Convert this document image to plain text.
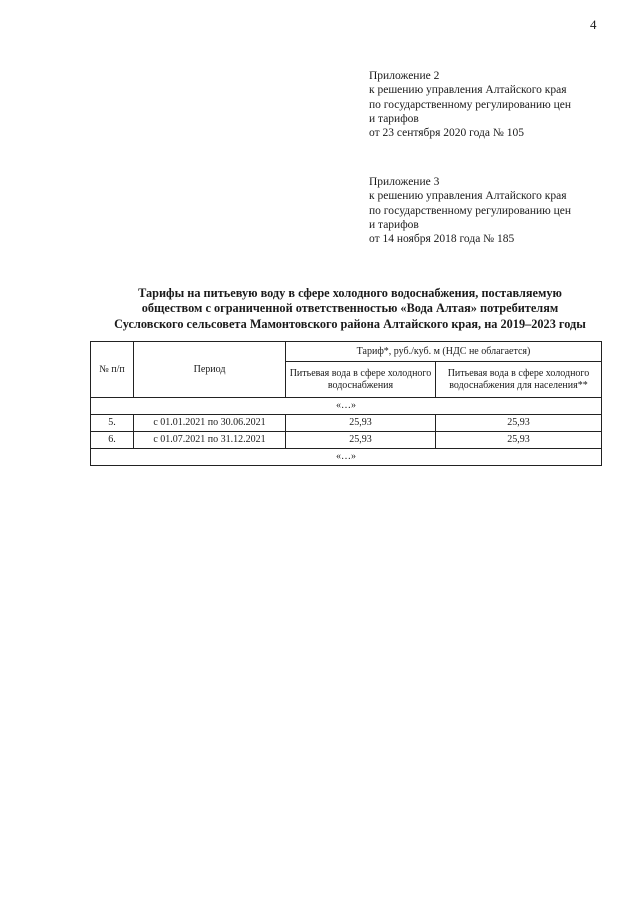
4
Приложение 2
к решению управления Алтайского края
по государственному регулированию цен
и тарифов
от 23 сентября 2020 года № 105
Приложение 3
к решению управления Алтайского края
по государственному регулированию цен
и тарифов
от 14 ноября 2018 года № 185
Тарифы на питьевую воду в сфере холодного водоснабжения, поставляемую
обществом с ограниченной ответственностью «Вода Алтая» потребителям
Сусловского сельсовета Мамонтовского района Алтайского края, на 2019–2023 годы
№ п/п	Период	Тариф*, руб./куб. м (НДС не облагается)	
		Питьевая вода в сфере холодного водоснабжения	Питьевая вода в сфере холодного водоснабжения для населения**
«…»			
5.	с 01.01.2021 по 30.06.2021	25,93	25,93
6.	с 01.07.2021 по 31.12.2021	25,93	25,93
«…»			
